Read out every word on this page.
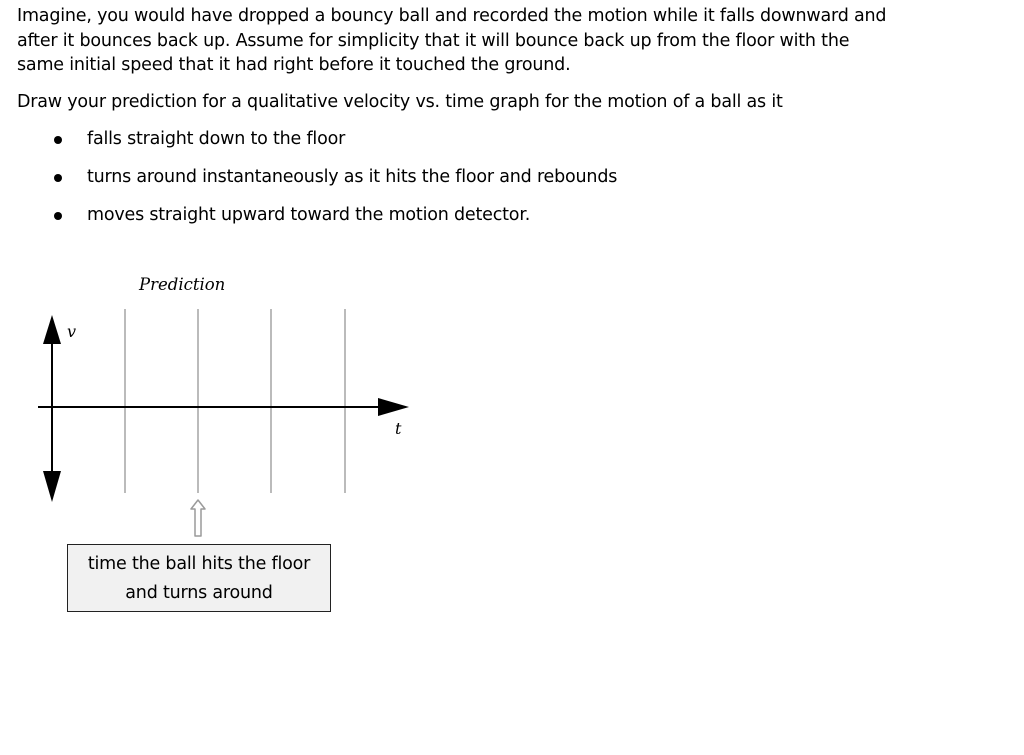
Imagine, you would have dropped a bouncy ball and recorded the motion while it falls downward and after it bounces back up. Assume for simplicity that it will bounce back up from the floor with the same initial speed that it had right before it touched the ground.

Draw your prediction for a qualitative velocity vs. time graph for the motion of a ball as it

falls straight down to the floor
turns around instantaneously as it hits the floor and rebounds
moves straight upward toward the motion detector.
Prediction
v
t
time the ball hits the floor
and turns around
